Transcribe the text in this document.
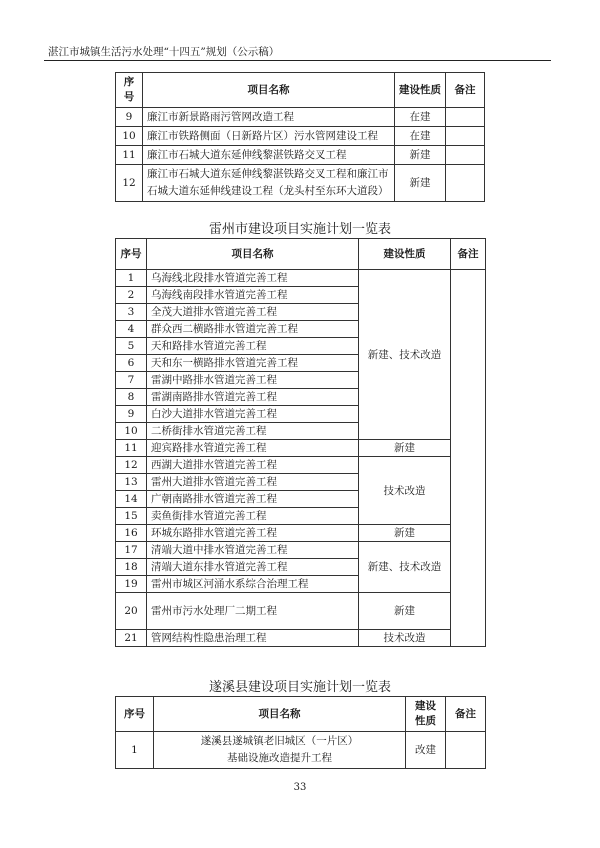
湛江市城镇生活污水处理“十四五”规划（公示稿）
序号	项目名称	建设性质	备注
9	廉江市新景路雨污管网改造工程	在建	
10	廉江市铁路侧面（日新路片区）污水管网建设工程	在建	
11	廉江市石城大道东延伸线黎湛铁路交叉工程	新建	
12	廉江市石城大道东延伸线黎湛铁路交叉工程和廉江市石城大道东延伸线建设工程（龙头村至东环大道段）	新建	
雷州市建设项目实施计划一览表
序号	项目名称	建设性质	备注
1	乌海线北段排水管道完善工程	新建、技术改造	
2	乌海线南段排水管道完善工程		
3	全茂大道排水管道完善工程		
4	群众西二横路排水管道完善工程		
5	天和路排水管道完善工程		
6	天和东一横路排水管道完善工程		
7	雷湖中路排水管道完善工程		
8	雷湖南路排水管道完善工程		
9	白沙大道排水管道完善工程		
10	二桥街排水管道完善工程		
11	迎宾路排水管道完善工程	新建	
12	西湖大道排水管道完善工程	技术改造	
13	雷州大道排水管道完善工程		
14	广朝南路排水管道完善工程		
15	卖鱼街排水管道完善工程		
16	环城东路排水管道完善工程	新建	
17	清端大道中排水管道完善工程	新建、技术改造	
18	清端大道东排水管道完善工程		
19	雷州市城区河涌水系综合治理工程		
20	雷州市污水处理厂二期工程	新建	
21	管网结构性隐患治理工程	技术改造	
遂溪县建设项目实施计划一览表
序号	项目名称	建设性质	备注
1	遂溪县遂城镇老旧城区（一片区）
基础设施改造提升工程	改建	
33
